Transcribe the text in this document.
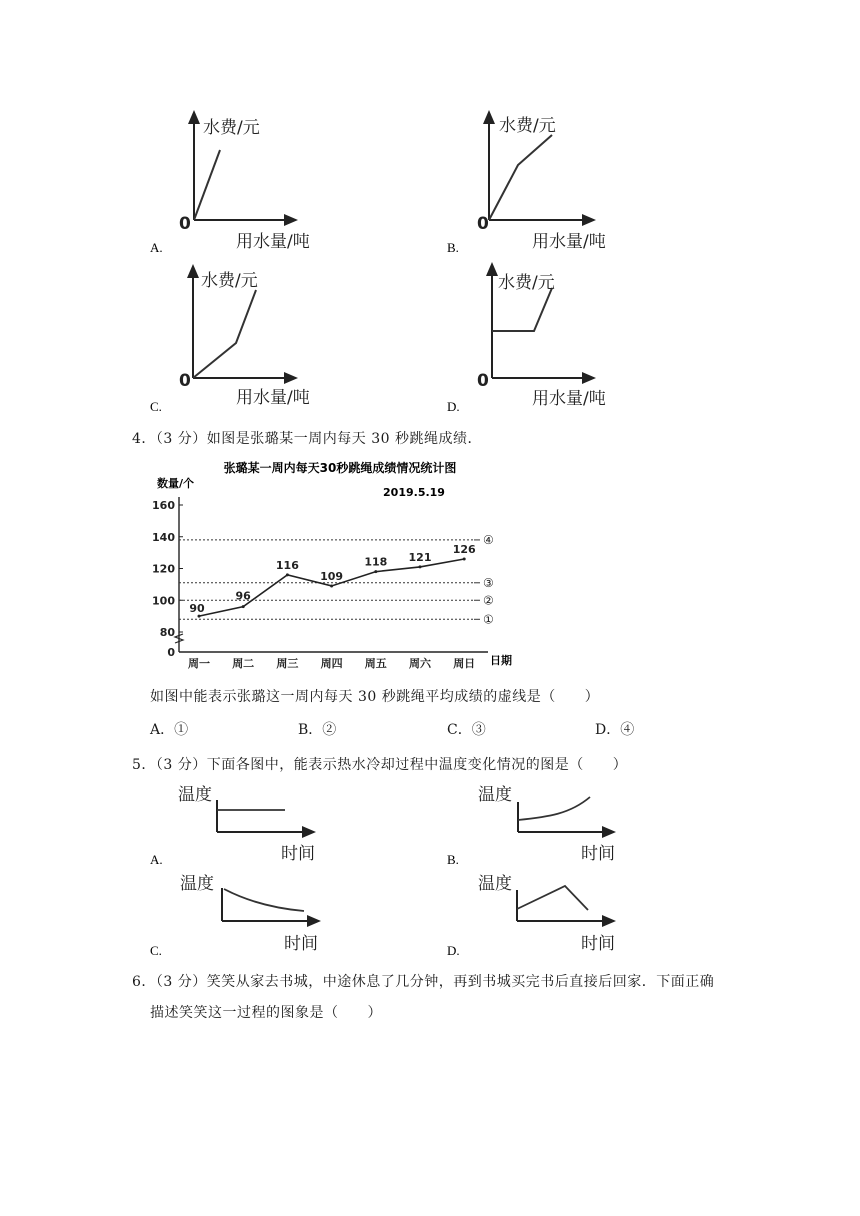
水费/元
0
用水量/吨
A.
水费/元
0
用水量/吨
B.
水费/元
0
用水量/吨
C.
水费/元
0
用水量/吨
D.
4．（3 分）如图是张璐某一周内每天 30 秒跳绳成绩．
张璐某一周内每天30秒跳绳成绩情况统计图
2019.5.19
数量/个
日期
0
80
100
120
140
160
①
②
③
④
90
周一
96
周二
116
周三
109
周四
118
周五
121
周六
126
周日
如图中能表示张璐这一周内每天 30 秒跳绳平均成绩的虚线是（　　）
A．①	B．②	C．③	D．④
5．（3 分）下面各图中，能表示热水冷却过程中温度变化情况的图是（　　）
温度
时间
A.
温度
时间
B.
温度
时间
C.
温度
时间
D.
6．（3 分）笑笑从家去书城，中途休息了几分钟，再到书城买完书后直接后回家．下面正确
描述笑笑这一过程的图象是（　　）
